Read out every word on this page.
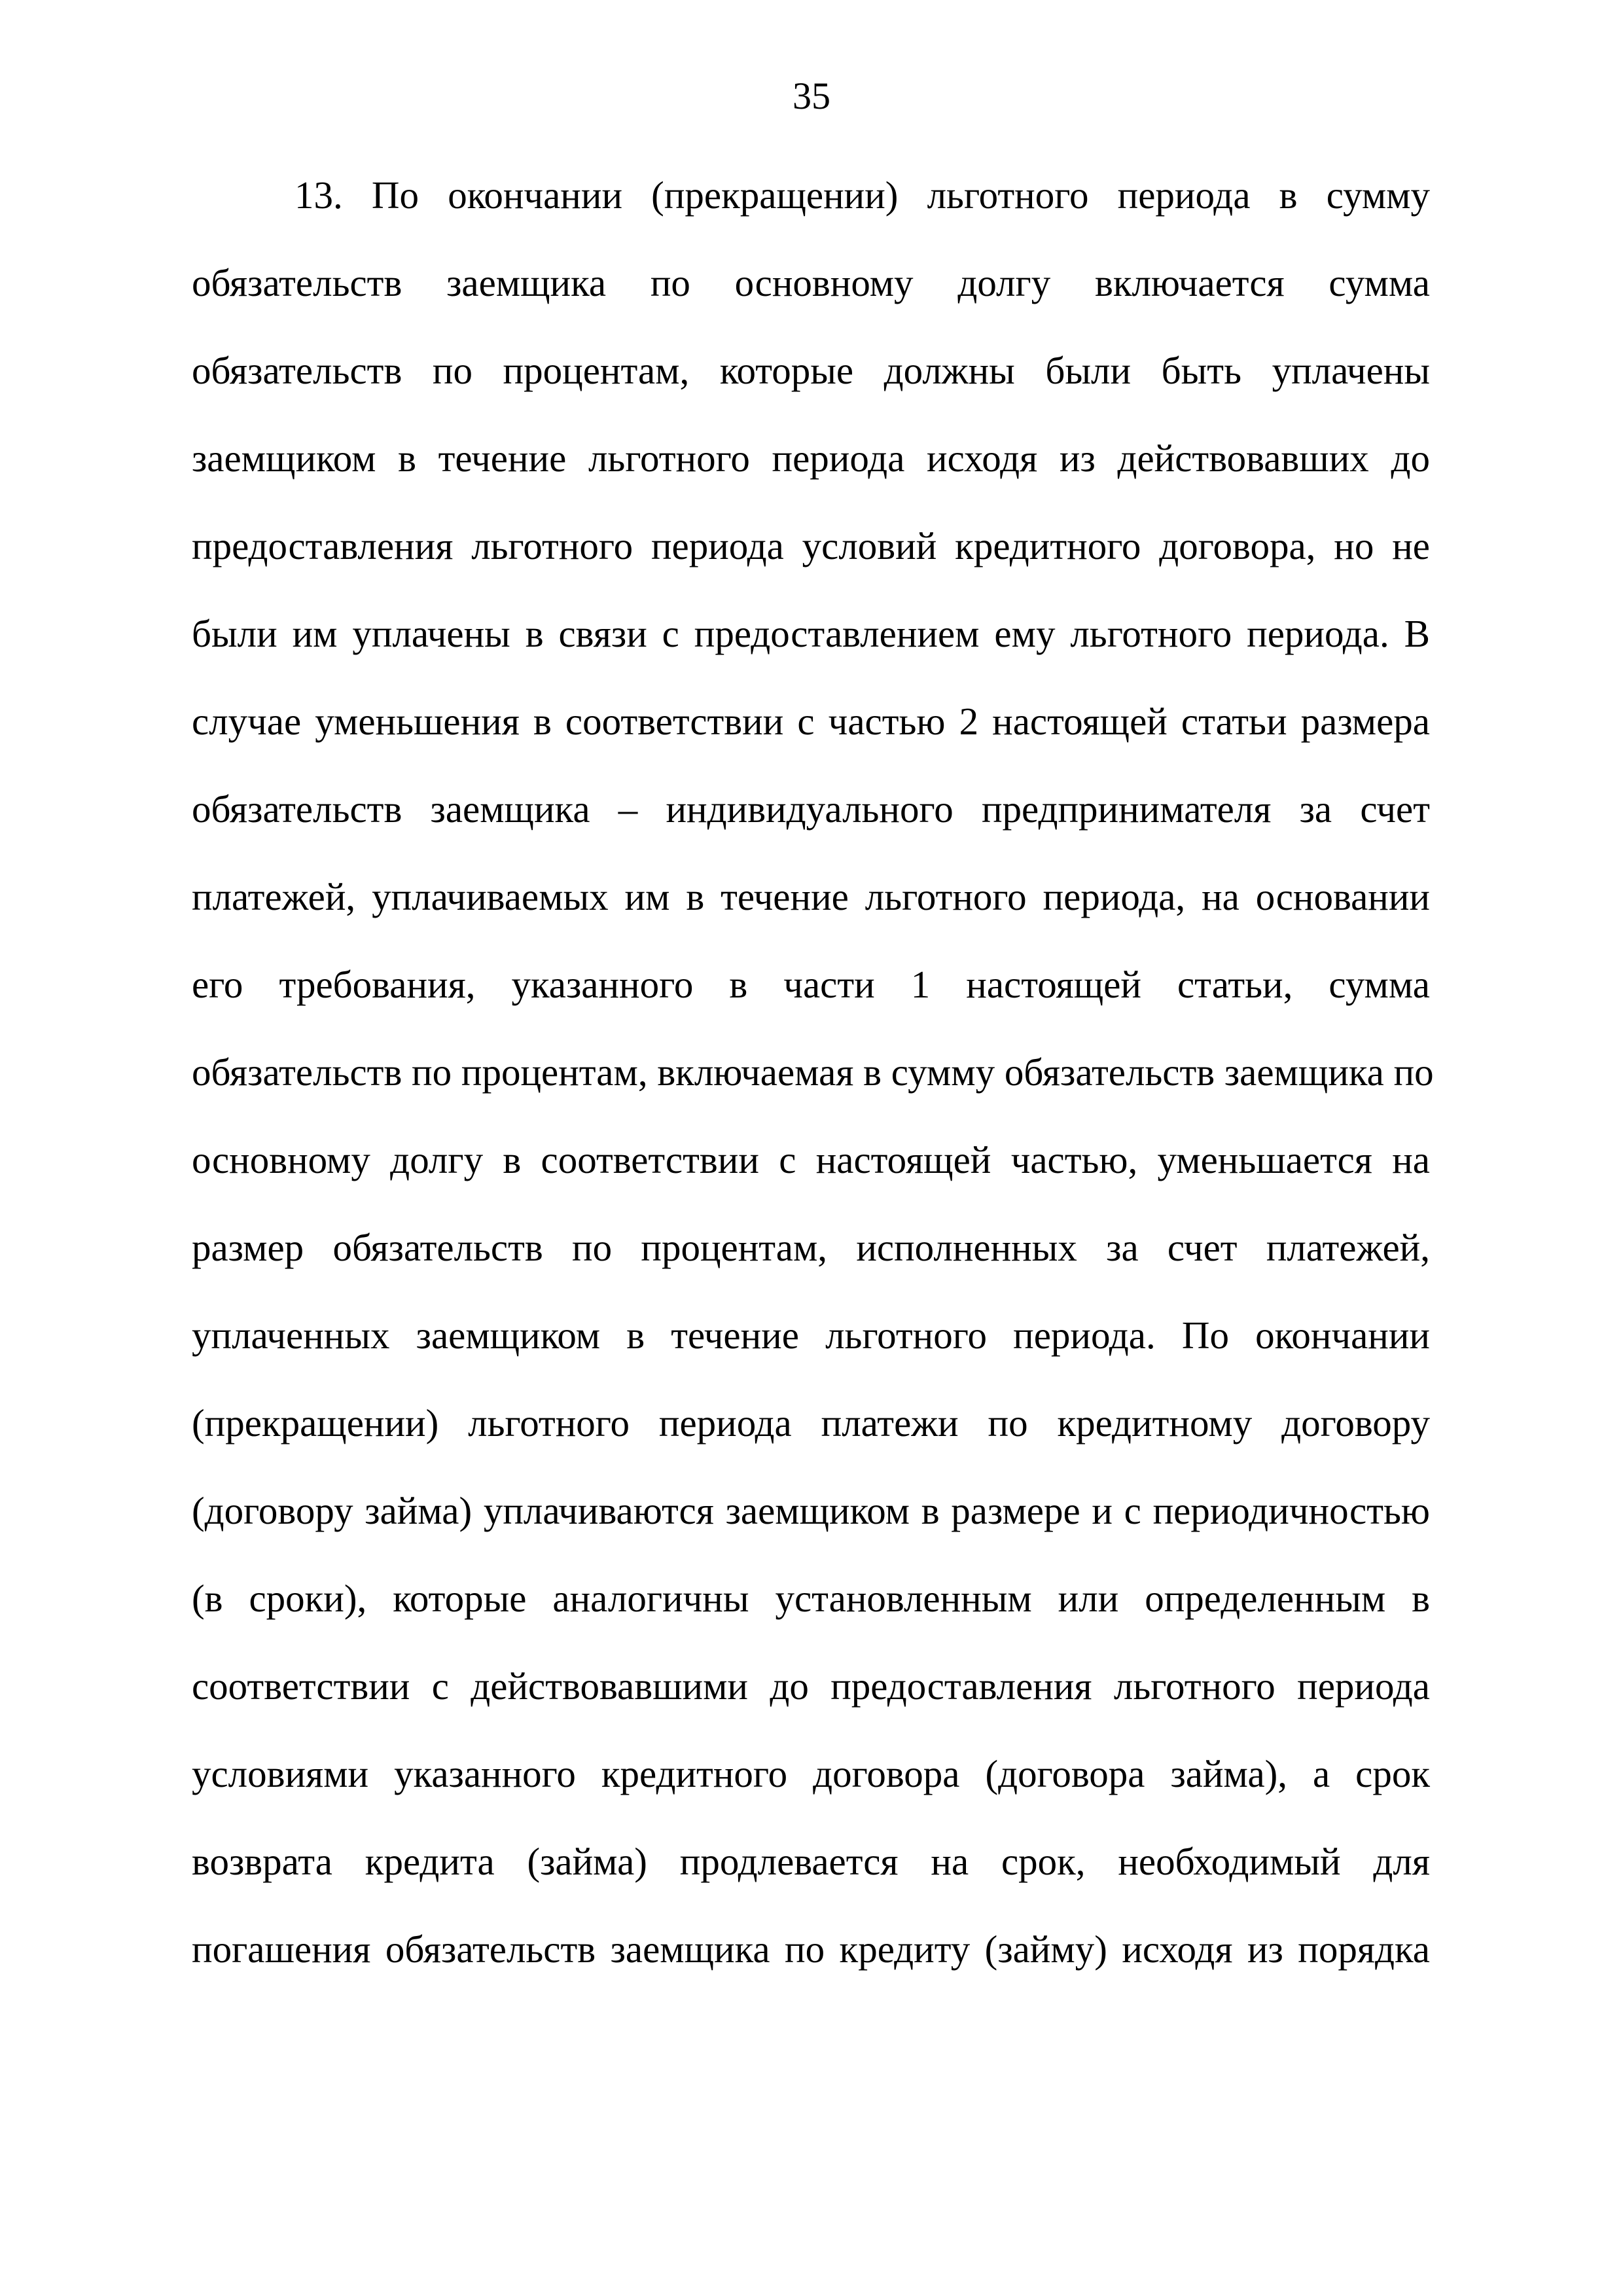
35
13. По окончании (прекращении) льготного периода в сумму
обязательств заемщика по основному долгу включается сумма
обязательств по процентам, которые должны были быть уплачены
заемщиком в течение льготного периода исходя из действовавших до
предоставления льготного периода условий кредитного договора, но не
были им уплачены в связи с предоставлением ему льготного периода. В
случае уменьшения в соответствии с частью 2 настоящей статьи размера
обязательств заемщика – индивидуального предпринимателя за счет
платежей, уплачиваемых им в течение льготного периода, на основании
его требования, указанного в части 1 настоящей статьи, сумма
обязательств по процентам, включаемая в сумму обязательств заемщика по
основному долгу в соответствии с настоящей частью, уменьшается на
размер обязательств по процентам, исполненных за счет платежей,
уплаченных заемщиком в течение льготного периода. По окончании
(прекращении) льготного периода платежи по кредитному договору
(договору займа) уплачиваются заемщиком в размере и с периодичностью
(в сроки), которые аналогичны установленным или определенным в
соответствии с действовавшими до предоставления льготного периода
условиями указанного кредитного договора (договора займа), а срок
возврата кредита (займа) продлевается на срок, необходимый для
погашения обязательств заемщика по кредиту (займу) исходя из порядка
